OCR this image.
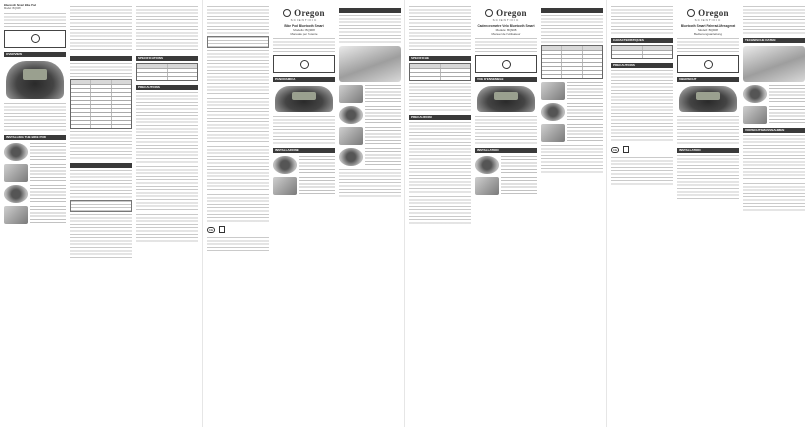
Bluetooth Smart Bike Pod
Model: BQ908
OVERVIEW
INSTALLING THE BIKE POD
SPECIFICATIONS
PRECAUTIONS
CE
Oregon
SCIENTIFIC
Bike Pod Bluetooth Smart
Modello: BQ908
Manuale per l'utente
PANORAMICA
INSTALLAZIONE
SPECIFICHE
PRECAUZIONI
Oregon
SCIENTIFIC
Cadenceometre Velo Bluetooth Smart
Modele: BQ908
Manuel de l'utilisateur
VUE D'ENSEMBLE
INSTALLATION
CARACTERISTIQUES
PRECAUTIONS
CE
Oregon
SCIENTIFIC
Bluetooth Smart Fahrrad-Messgerat
Modell: BQ908
Bedienungsanleitung
UBERSICHT
INSTALLATION
TECHNISCHE DATEN
VORSICHTSMASSNAHMEN
